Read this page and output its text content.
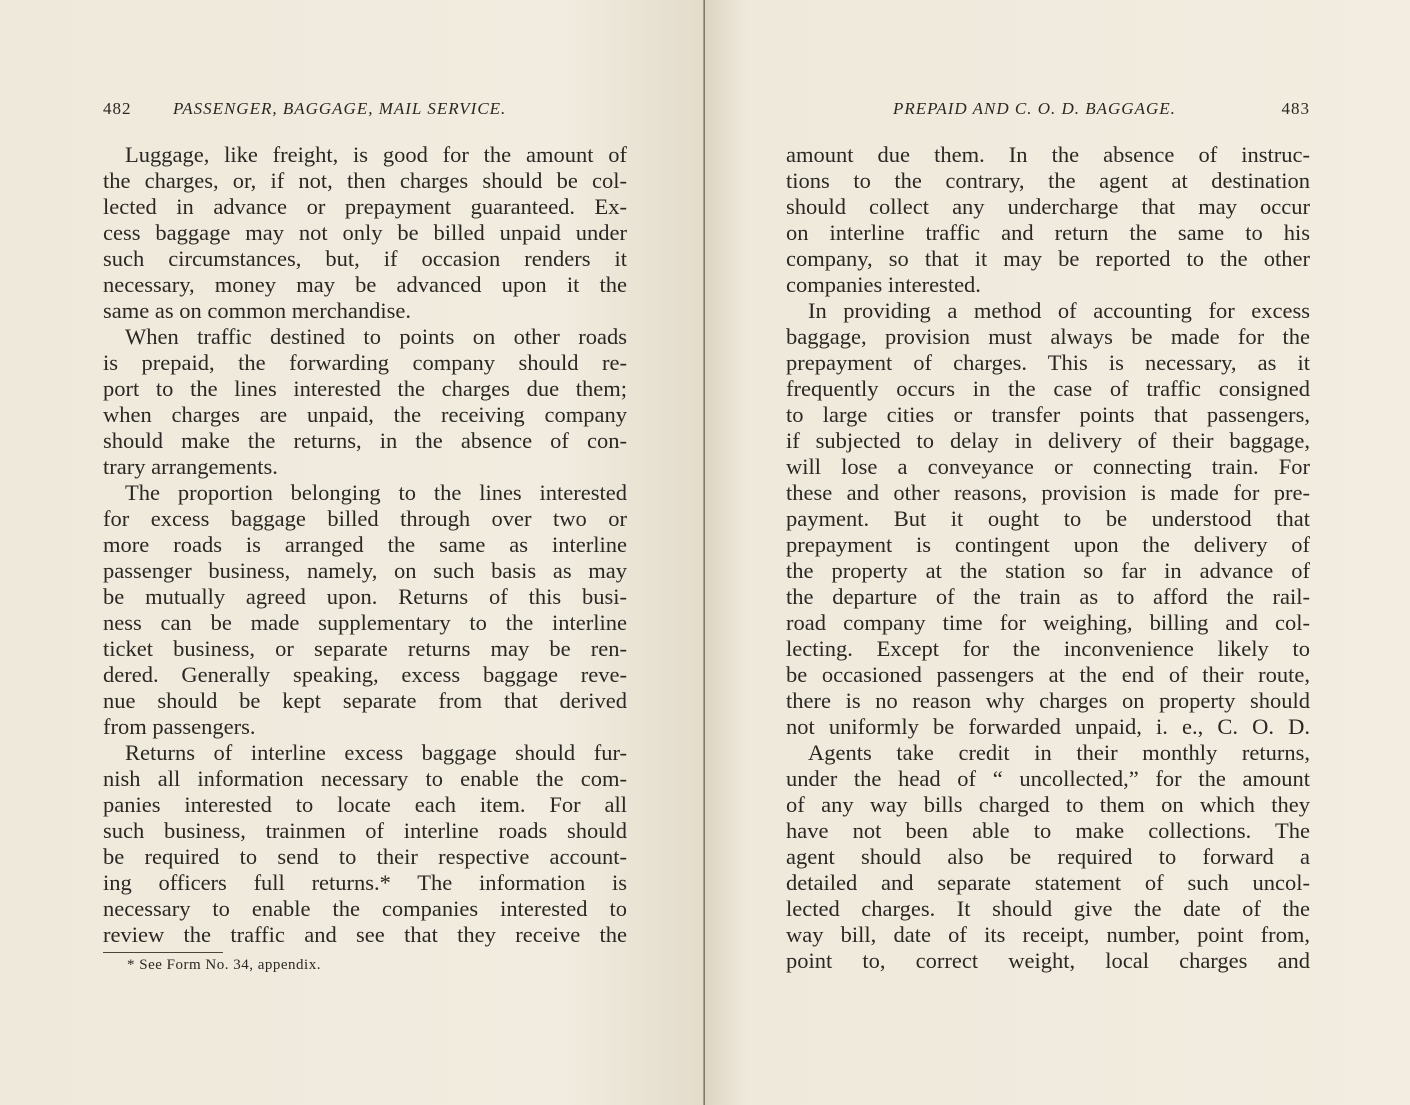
482 PASSENGER, BAGGAGE, MAIL SERVICE.
Luggage, like freight, is good for the amount of
the charges, or, if not, then charges should be col-
lected in advance or prepayment guaranteed. Ex-
cess baggage may not only be billed unpaid under
such circumstances, but, if occasion renders it
necessary, money may be advanced upon it the
same as on common merchandise.
When traffic destined to points on other roads
is prepaid, the forwarding company should re-
port to the lines interested the charges due them;
when charges are unpaid, the receiving company
should make the returns, in the absence of con-
trary arrangements.
The proportion belonging to the lines interested
for excess baggage billed through over two or
more roads is arranged the same as interline
passenger business, namely, on such basis as may
be mutually agreed upon. Returns of this busi-
ness can be made supplementary to the interline
ticket business, or separate returns may be ren-
dered. Generally speaking, excess baggage reve-
nue should be kept separate from that derived
from passengers.
Returns of interline excess baggage should fur-
nish all information necessary to enable the com-
panies interested to locate each item. For all
such business, trainmen of interline roads should
be required to send to their respective account-
ing officers full returns.* The information is
necessary to enable the companies interested to
review the traffic and see that they receive the
* See Form No. 34, appendix.
PREPAID AND C. O. D. BAGGAGE.	483
amount due them. In the absence of instruc-
tions to the contrary, the agent at destination
should collect any undercharge that may occur
on interline traffic and return the same to his
company, so that it may be reported to the other
companies interested.
In providing a method of accounting for excess
baggage, provision must always be made for the
prepayment of charges. This is necessary, as it
frequently occurs in the case of traffic consigned
to large cities or transfer points that passengers,
if subjected to delay in delivery of their baggage,
will lose a conveyance or connecting train. For
these and other reasons, provision is made for pre-
payment. But it ought to be understood that
prepayment is contingent upon the delivery of
the property at the station so far in advance of
the departure of the train as to afford the rail-
road company time for weighing, billing and col-
lecting. Except for the inconvenience likely to
be occasioned passengers at the end of their route,
there is no reason why charges on property should
not uniformly be forwarded unpaid, i. e., C. O. D.
Agents take credit in their monthly returns,
under the head of “ uncollected,” for the amount
of any way bills charged to them on which they
have not been able to make collections. The
agent should also be required to forward a
detailed and separate statement of such uncol-
lected charges. It should give the date of the
way bill, date of its receipt, number, point from,
point to, correct weight, local charges and
